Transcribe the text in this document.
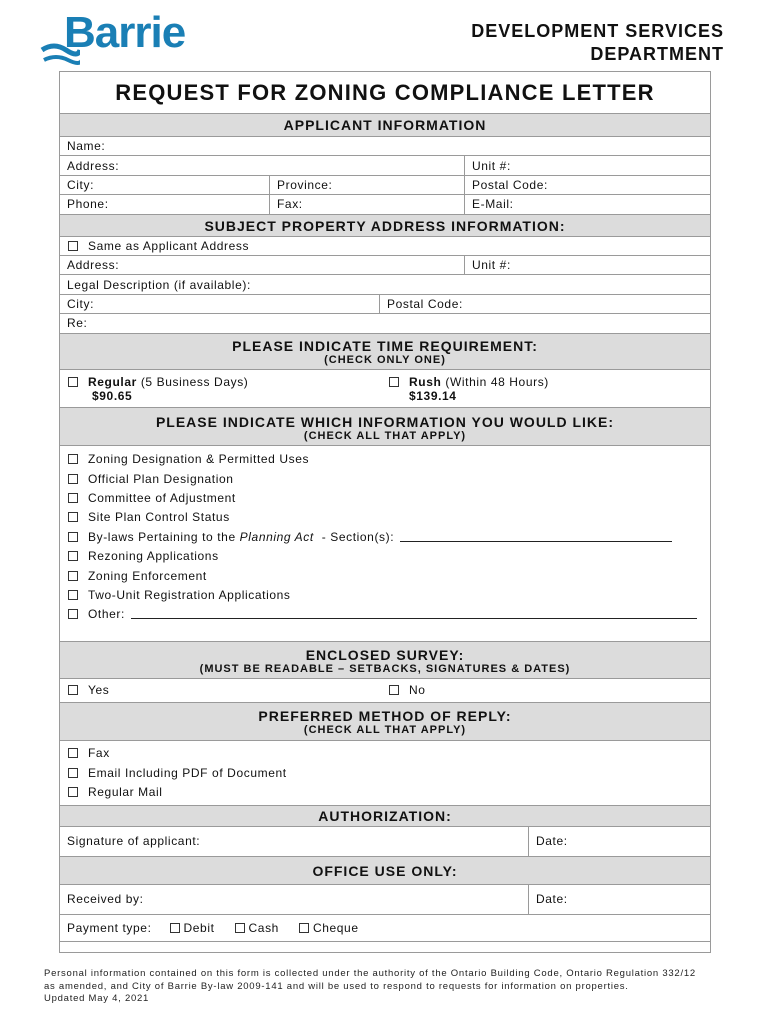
Barrie	DEVELOPMENT SERVICES
DEPARTMENT
REQUEST FOR ZONING COMPLIANCE LETTER
APPLICANT INFORMATION
Name:
Address:	Unit #:
City:	Province:	Postal Code:
Phone:	Fax:	E-Mail:
SUBJECT PROPERTY ADDRESS INFORMATION:
Same as Applicant Address
Address:	Unit #:
Legal Description (if available):
City:	Postal Code:
Re:
PLEASE INDICATE TIME REQUIREMENT:
(CHECK ONLY ONE)
Regular (5 Business Days)
$90.65
Rush (Within 48 Hours)
$139.14
PLEASE INDICATE WHICH INFORMATION YOU WOULD LIKE:
(CHECK ALL THAT APPLY)
Zoning Designation & Permitted Uses
Official Plan Designation
Committee of Adjustment
Site Plan Control Status
By-laws Pertaining to the
Planning Act
- Section(s):
Rezoning Applications
Zoning Enforcement
Two-Unit Registration Applications
Other:
ENCLOSED SURVEY:
(MUST BE READABLE – SETBACKS, SIGNATURES & DATES)
Yes	No
PREFERRED METHOD OF REPLY:
(CHECK ALL THAT APPLY)
Fax
Email Including PDF of Document
Regular Mail
AUTHORIZATION:
Signature of applicant:	Date:
OFFICE USE ONLY:
Received by:	Date:
Payment type:	Debit	Cash	Cheque
Personal information contained on this form is collected under the authority of the Ontario Building Code, Ontario Regulation 332/12
as amended, and City of Barrie By-law 2009-141 and will be used to respond to requests for information on properties.
Updated May 4, 2021
